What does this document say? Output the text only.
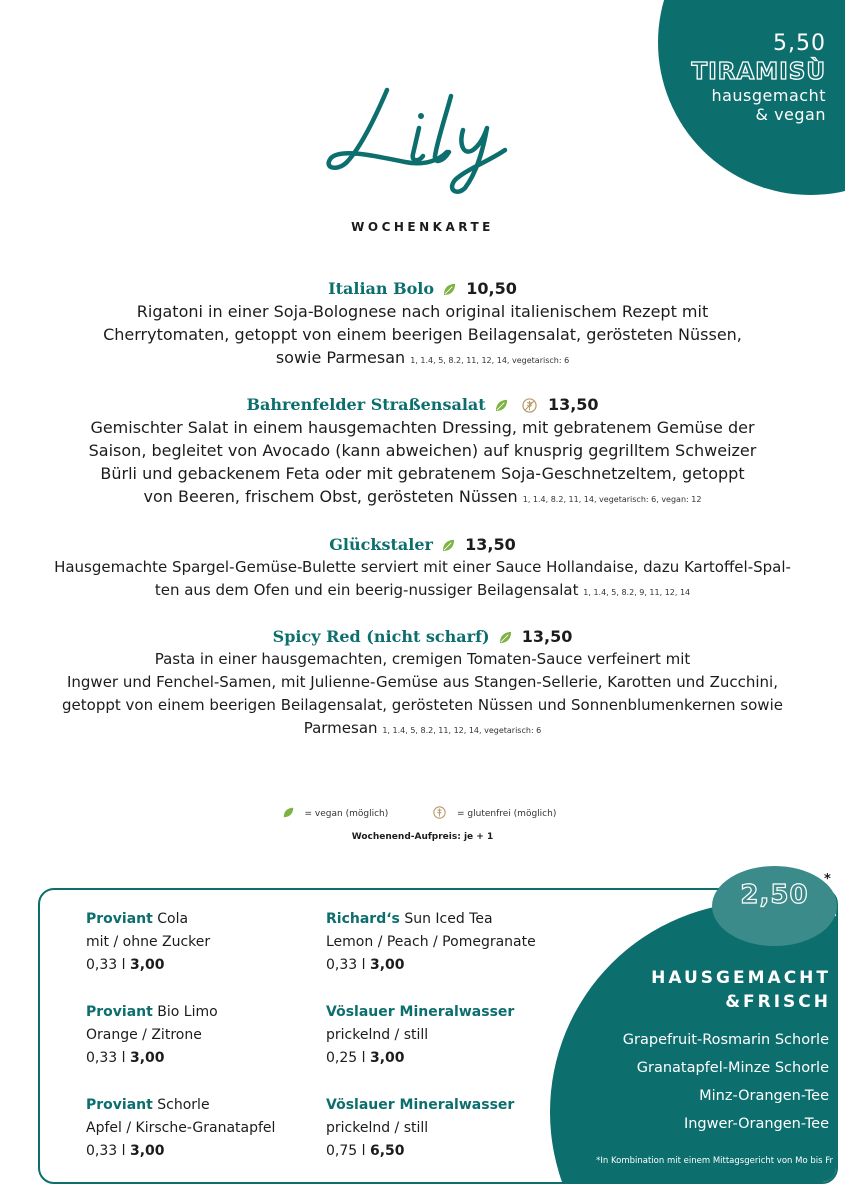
5,50
TIRAMISÙ
hausgemacht
& vegan
WOCHENKARTE
Italian Bolo 10,50
Rigatoni in einer Soja-Bolognese nach original italienischem Rezept mit
Cherrytomaten, getoppt von einem beerigen Beilagensalat, gerösteten Nüssen,
sowie Parmesan 1, 1.4, 5, 8.2, 11, 12, 14, vegetarisch: 6
Bahrenfelder Straßensalat	13,50
Gemischter Salat in einem hausgemachten Dressing, mit gebratenem Gemüse der
Saison, begleitet von Avocado (kann abweichen) auf knusprig gegrilltem Schweizer
Bürli und gebackenem Feta oder mit gebratenem Soja-Geschnetzeltem, getoppt
von Beeren, frischem Obst, gerösteten Nüssen 1, 1.4, 8.2, 11, 14, vegetarisch: 6, vegan: 12
Glückstaler 13,50
Hausgemachte Spargel-Gemüse-Bulette serviert mit einer Sauce Hollandaise, dazu Kartoffel-Spal-
ten aus dem Ofen und ein beerig-nussiger Beilagensalat 1, 1.4, 5, 8.2, 9, 11, 12, 14
Spicy Red (nicht scharf) 13,50
Pasta in einer hausgemachten, cremigen Tomaten-Sauce verfeinert mit
Ingwer und Fenchel-Samen, mit Julienne-Gemüse aus Stangen-Sellerie, Karotten und Zucchini,
getoppt von einem beerigen Beilagensalat, gerösteten Nüssen und Sonnenblumenkernen sowie
Parmesan 1, 1.4, 5, 8.2, 11, 12, 14, vegetarisch: 6
= vegan (möglich)	= glutenfrei (möglich)
Wochenend-Aufpreis: je + 1
Proviant Cola
mit / ohne Zucker
0,33 l 3,00
Richard‘s Sun Iced Tea
Lemon / Peach / Pomegranate
0,33 l 3,00
Proviant Bio Limo
Orange / Zitrone
0,33 l 3,00
Vöslauer Mineralwasser
prickelnd / still
0,25 l 3,00
Proviant Schorle
Apfel / Kirsche-Granatapfel
0,33 l 3,00
Vöslauer Mineralwasser
prickelnd / still
0,75 l 6,50
2,50
*
HAUSGEMACHT
&FRISCH
Grapefruit-Rosmarin Schorle
Granatapfel-Minze Schorle
Minz-Orangen-Tee
Ingwer-Orangen-Tee
*In Kombination mit einem Mittagsgericht von Mo bis Fr
